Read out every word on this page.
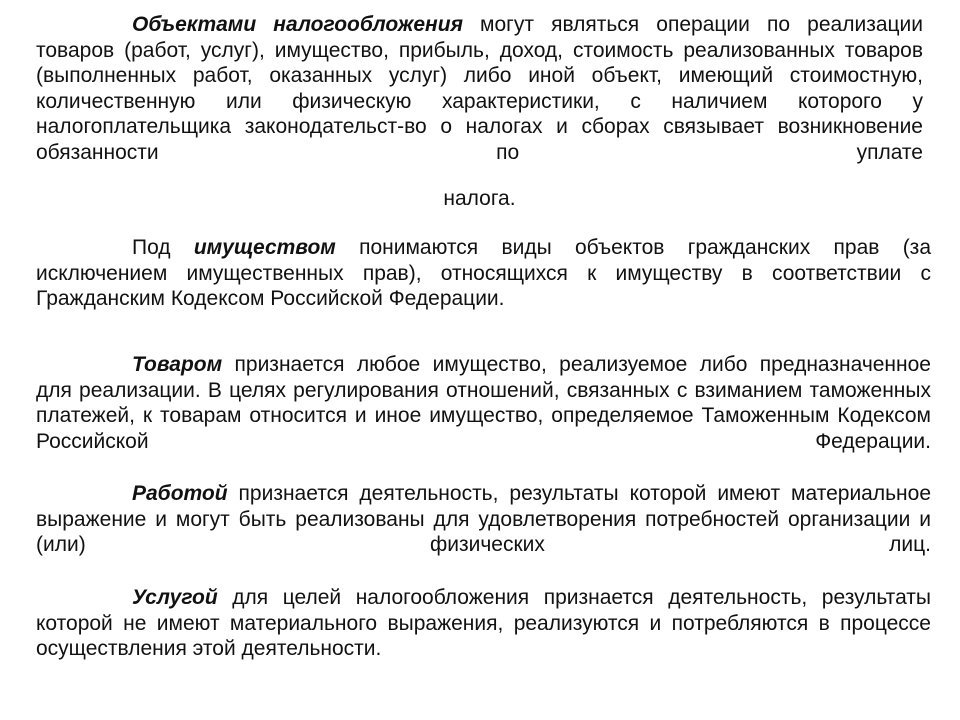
Объектами налогообложения могут являться операции по реализации товаров (работ, услуг), имущество, прибыль, доход, стоимость реализованных товаров (выполненных работ, оказанных услуг) либо иной объект, имеющий стоимостную, количественную или физическую характеристики, с наличием которого у налогоплательщика законодательст-во о налогах и сборах связывает возникновение обязанности по уплате

налога.

Под имуществом понимаются виды объектов гражданских прав (за исключением имущественных прав), относящихся к имуществу в соответствии с Гражданским Кодексом Российской Федерации.

Товаром признается любое имущество, реализуемое либо предназначенное для реализации. В целях регулирования отношений, связанных с взиманием таможенных платежей, к товарам относится и иное имущество, определяемое Таможенным Кодексом Российской Федерации.

Работой признается деятельность, результаты которой имеют материальное выражение и могут быть реализованы для удовлетворения потребностей организации и (или) физических лиц.

Услугой для целей налогообложения признается деятельность, результаты которой не имеют материального выражения, реализуются и потребляются в процессе осуществления этой деятельности.
